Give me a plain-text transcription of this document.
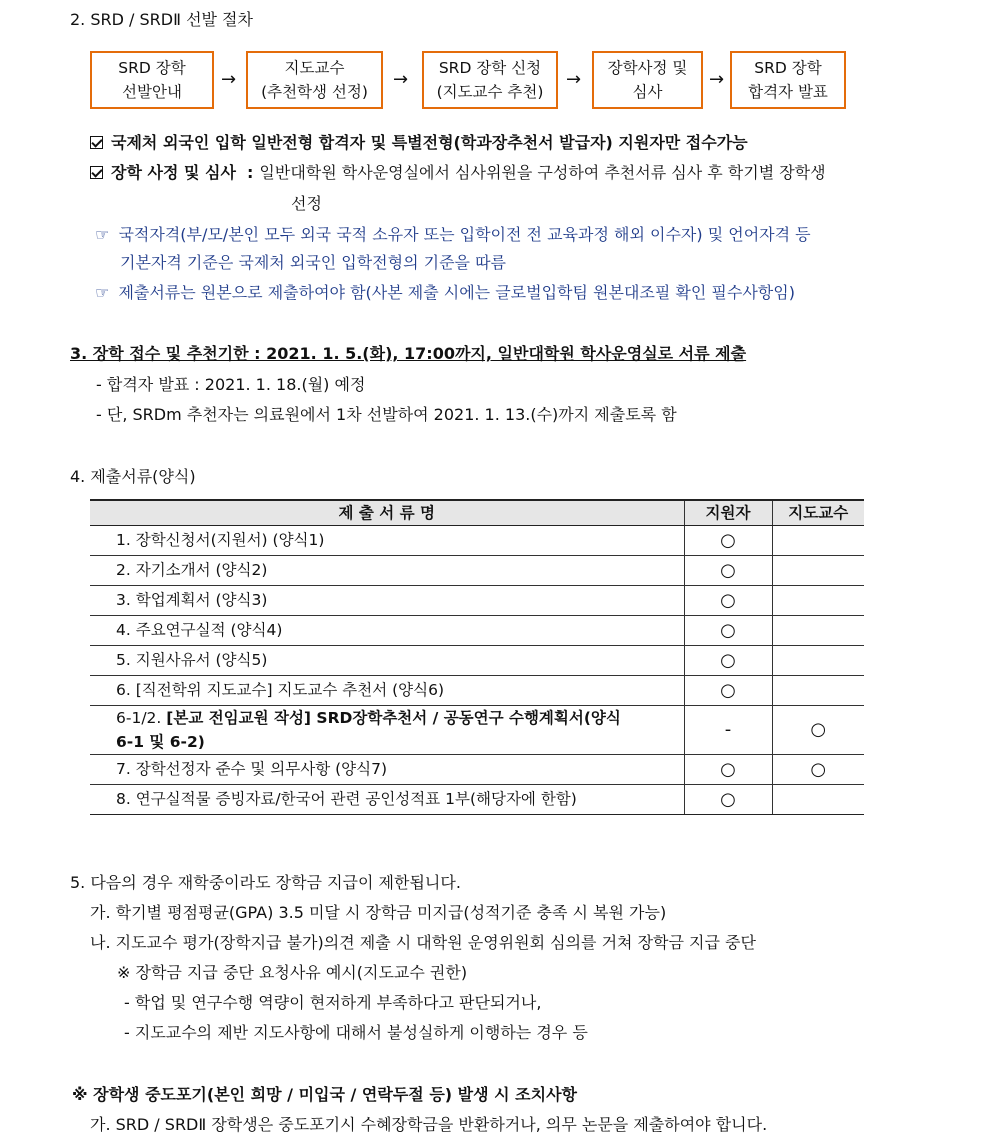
2. SRD / SRDⅡ 선발 절차
SRD 장학
선발안내
→
지도교수
(추천학생 선정)
→
SRD 장학 신청
(지도교수 추천)
→
장학사정 및
심사
→
SRD 장학
합격자 발표
국제처 외국인 입학 일반전형 합격자 및 특별전형(학과장추천서 발급자) 지원자만 접수가능
장학 사정 및 심사 : 일반대학원 학사운영실에서 심사위원을 구성하여 추천서류 심사 후 학기별 장학생
선정
☞ 국적자격(부/모/본인 모두 외국 국적 소유자 또는 입학이전 전 교육과정 해외 이수자) 및 언어자격 등
기본자격 기준은 국제처 외국인 입학전형의 기준을 따름
☞ 제출서류는 원본으로 제출하여야 함(사본 제출 시에는 글로벌입학팀 원본대조필 확인 필수사항임)
3. 장학 접수 및 추천기한 : 2021. 1. 5.(화), 17:00까지, 일반대학원 학사운영실로 서류 제출
- 합격자 발표 : 2021. 1. 18.(월) 예정
- 단, SRDm 추천자는 의료원에서 1차 선발하여 2021. 1. 13.(수)까지 제출토록 함
4. 제출서류(양식)
제 출 서 류 명	지원자	지도교수
1. 장학신청서(지원서) (양식1)	○	
2. 자기소개서 (양식2)	○	
3. 학업계획서 (양식3)	○	
4. 주요연구실적 (양식4)	○	
5. 지원사유서 (양식5)	○	
6. [직전학위 지도교수] 지도교수 추천서 (양식6)	○	
6-1/2. [본교 전임교원 작성] SRD장학추천서 / 공동연구 수행계획서(양식
6-1 및 6-2)	-	○
7. 장학선정자 준수 및 의무사항 (양식7)	○	○
8. 연구실적물 증빙자료/한국어 관련 공인성적표 1부(해당자에 한함)	○	
5. 다음의 경우 재학중이라도 장학금 지급이 제한됩니다.
가. 학기별 평점평균(GPA) 3.5 미달 시 장학금 미지급(성적기준 충족 시 복원 가능)
나. 지도교수 평가(장학지급 불가)의견 제출 시 대학원 운영위원회 심의를 거쳐 장학금 지급 중단
※ 장학금 지급 중단 요청사유 예시(지도교수 권한)
- 학업 및 연구수행 역량이 현저하게 부족하다고 판단되거나,
- 지도교수의 제반 지도사항에 대해서 불성실하게 이행하는 경우 등
※ 장학생 중도포기(본인 희망 / 미입국 / 연락두절 등) 발생 시 조치사항
가. SRD / SRDⅡ 장학생은 중도포기시 수혜장학금을 반환하거나, 의무 논문을 제출하여야 합니다.
